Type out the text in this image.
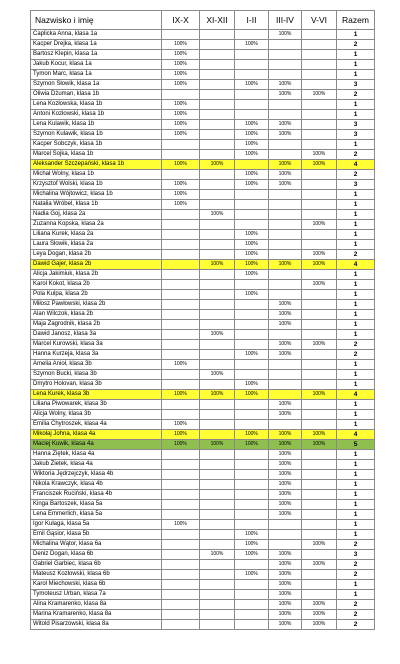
Nazwisko i imię	IX-X	XI-XII	I-II	III-IV	V-VI	Razem
Caplicka Anna, klasa 1a				100%		1
Kacper Drejka, klasa 1a	100%		100%			2
Bartosz Klepin, klasa 1a	100%					1
Jakub Kocur, klasa 1a	100%					1
Tymon Marc, klasa 1a	100%					1
Szymon Słowik, klasa 1a	100%		100%	100%		3
Oliwia Dżuman, klasa 1b				100%	100%	2
Lena Kozłowska, klasa 1b	100%					1
Antoni Kozłowski, klasa 1b	100%					1
Lena Kulawik, klasa 1b	100%		100%	100%		3
Szymon Kulawik, klasa 1b	100%		100%	100%		3
Kacper Sobczyk, klasa 1b			100%			1
Marcel Sojka, klasa 1b			100%		100%	2
Aleksander Szczepański, klasa 1b	100%	100%		100%	100%	4
Michał Wolny, klasa 1b			100%	100%		2
Krzysztof Wolski, klasa 1b	100%		100%	100%		3
Michalina Wójtowicz, klasa 1b	100%					1
Natalia Wróbel, klasa 1b	100%					1
Nadia Goj, klasa 2a		100%				1
Zuzanna Kopska, klasa 2a					100%	1
Liliana Kurek, klasa 2a			100%			1
Laura Słowik, klasa 2a			100%			1
Leya Dogan, klasa 2b			100%		100%	2
Dawid Gajer, klasa 2b		100%	100%	100%	100%	4
Alicja Jakimiuk, klasa 2b			100%			1
Karol Kokot, klasa 2b					100%	1
Pola Kulpa, klasa 2b			100%			1
Miłosz Pawłowski, klasa 2b				100%		1
Alan Wilczok, klasa 2b				100%		1
Maja Zagrodnik, klasa 2b				100%		1
Dawid Janosz, klasa 3a		100%				1
Marcel Kurowski, klasa 3a				100%	100%	2
Hanna Kurzeja, klasa 3a			100%	100%		2
Amelia Anioł, klasa 3b	100%					1
Szymon Bucki, klasa 3b		100%				1
Dmytro Holovan, klasa 3b			100%			1
Lena Kurek, klasa 3b	100%	100%	100%		100%	4
Liliana Piwowarek, klasa 3b				100%		1
Alicja Wolny, klasa 3b				100%		1
Emilia Chytroszek, klasa 4a	100%					1
Mikołaj Johna, klasa 4a	100%		100%	100%	100%	4
Maciej Kuwik, klasa 4a	100%	100%	100%	100%	100%	5
Hanna Ziętek, klasa 4a				100%		1
Jakub Zietek, klasa 4a				100%		1
Wiktoria Jędrzejczyk, klasa 4b				100%		1
Nikola Krawczyk, klasa 4b				100%		1
Franciszek Ruciński, klasa 4b				100%		1
Kinga Bartoszek, klasa 5a				100%		1
Lena Emmerlich, klasa 5a				100%		1
Igor Kułaga, klasa 5a	100%					1
Emil Gąsior, klasa 5b			100%			1
Michalina Wątor, klasa 6a			100%		100%	2
Deniz Dogan, klasa 6b		100%	100%	100%		3
Gabriel Garbiec, klasa 6b				100%	100%	2
Mateusz Kozłowski, klasa 6b			100%	100%		2
Karol Miechowski, klasa 6b				100%		1
Tymoteusz Urban, klasa 7a				100%		1
Alina Kramarenko, klasa 8a				100%	100%	2
Marina Kramarenko, klasa 8a				100%	100%	2
Witold Pisarzowski, klasa 8a				100%	100%	2
